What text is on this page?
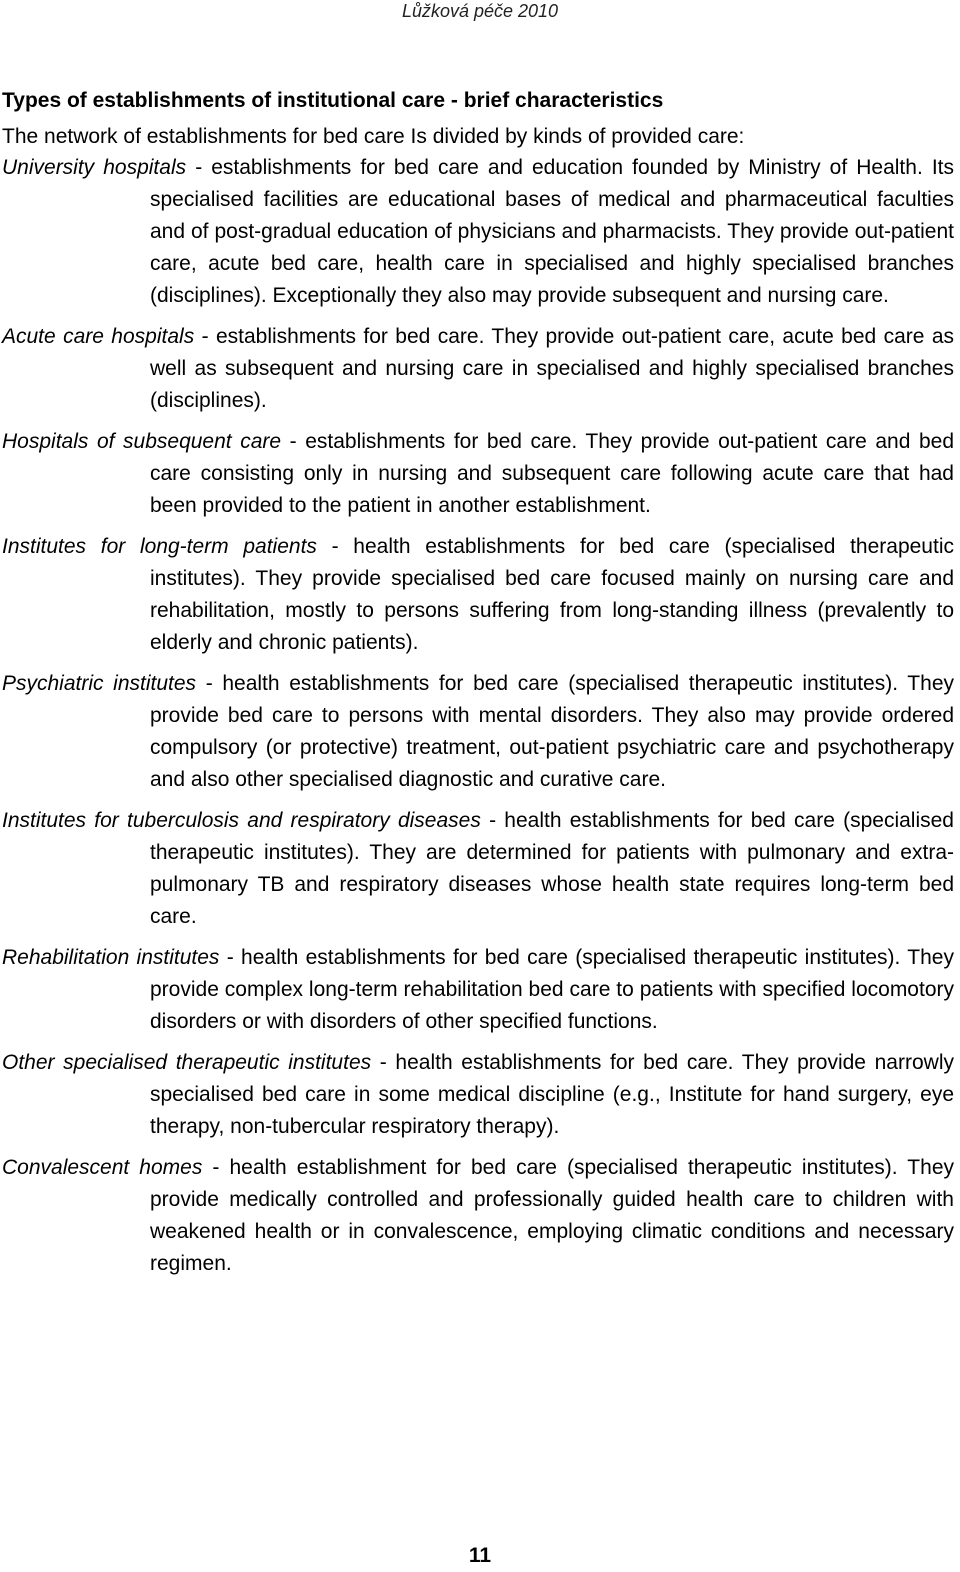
Lůžková péče 2010
Types of establishments of institutional care - brief characteristics

The network of establishments for bed care Is divided by kinds of provided care:

University hospitals - establishments for bed care and education founded by Ministry of Health. Its specialised facilities are educational bases of medical and pharmaceutical faculties and of post-gradual education of physicians and pharmacists. They provide out-patient care, acute bed care, health care in specialised and highly specialised branches (disciplines). Exceptionally they also may provide subsequent and nursing care.

Acute care hospitals - establishments for bed care. They provide out-patient care, acute bed care as well as subsequent and nursing care in specialised and highly specialised branches (disciplines).

Hospitals of subsequent care - establishments for bed care. They provide out-patient care and bed care consisting only in nursing and subsequent care following acute care that had been provided to the patient in another establishment.

Institutes for long-term patients - health establishments for bed care (specialised therapeutic institutes). They provide specialised bed care focused mainly on nursing care and rehabilitation, mostly to persons suffering from long-standing illness (prevalently to elderly and chronic patients).

Psychiatric institutes - health establishments for bed care (specialised therapeutic institutes). They provide bed care to persons with mental disorders. They also may provide ordered compulsory (or protective) treatment, out-patient psychiatric care and psychotherapy and also other specialised diagnostic and curative care.

Institutes for tuberculosis and respiratory diseases - health establishments for bed care (specialised therapeutic institutes). They are determined for patients with pulmonary and extra-pulmonary TB and respiratory diseases whose health state requires long-term bed care.

Rehabilitation institutes - health establishments for bed care (specialised therapeutic institutes). They provide complex long-term rehabilitation bed care to patients with specified locomotory disorders or with disorders of other specified functions.

Other specialised therapeutic institutes - health establishments for bed care. They provide narrowly specialised bed care in some medical discipline (e.g., Institute for hand surgery, eye therapy, non-tubercular respiratory therapy).

Convalescent homes - health establishment for bed care (specialised therapeutic institutes). They provide medically controlled and professionally guided health care to children with weakened health or in convalescence, employing climatic conditions and necessary regimen.

11
